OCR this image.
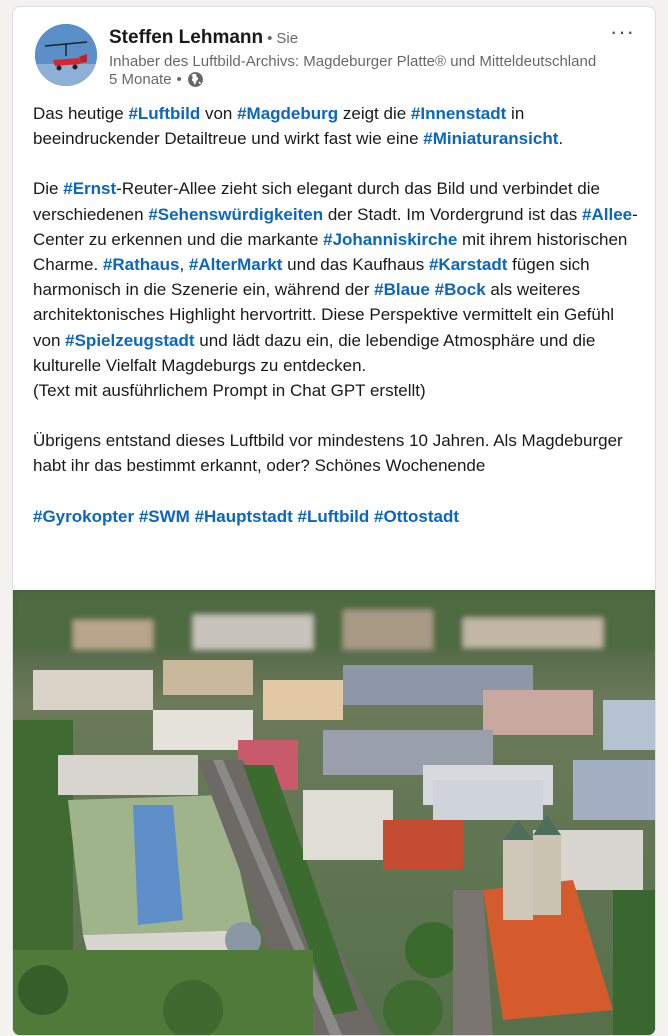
Steffen Lehmann • Sie
Inhaber des Luftbild-Archivs: Magdeburger Platte® und Mitteldeutschland
5 Monate •
···

Das heutige #Luftbild von #Magdeburg zeigt die #Innenstadt in beeindruckender Detailtreue und wirkt fast wie eine #Miniaturansicht.

Die #Ernst-Reuter-Allee zieht sich elegant durch das Bild und verbindet die verschiedenen #Sehenswürdigkeiten der Stadt. Im Vordergrund ist das #Allee-Center zu erkennen und die markante #Johanniskirche mit ihrem historischen Charme. #Rathaus, #AlterMarkt und das Kaufhaus #Karstadt fügen sich harmonisch in die Szenerie ein, während der #Blaue #Bock als weiteres architektonisches Highlight hervortritt. Diese Perspektive vermittelt ein Gefühl von #Spielzeugstadt und lädt dazu ein, die lebendige Atmosphäre und die kulturelle Vielfalt Magdeburgs zu entdecken.

(Text mit ausführlichem Prompt in Chat GPT erstellt)

Übrigens entstand dieses Luftbild vor mindestens 10 Jahren. Als Magdeburger habt ihr das bestimmt erkannt, oder? Schönes Wochenende

#Gyrokopter #SWM #Hauptstadt #Luftbild #Ottostadt
